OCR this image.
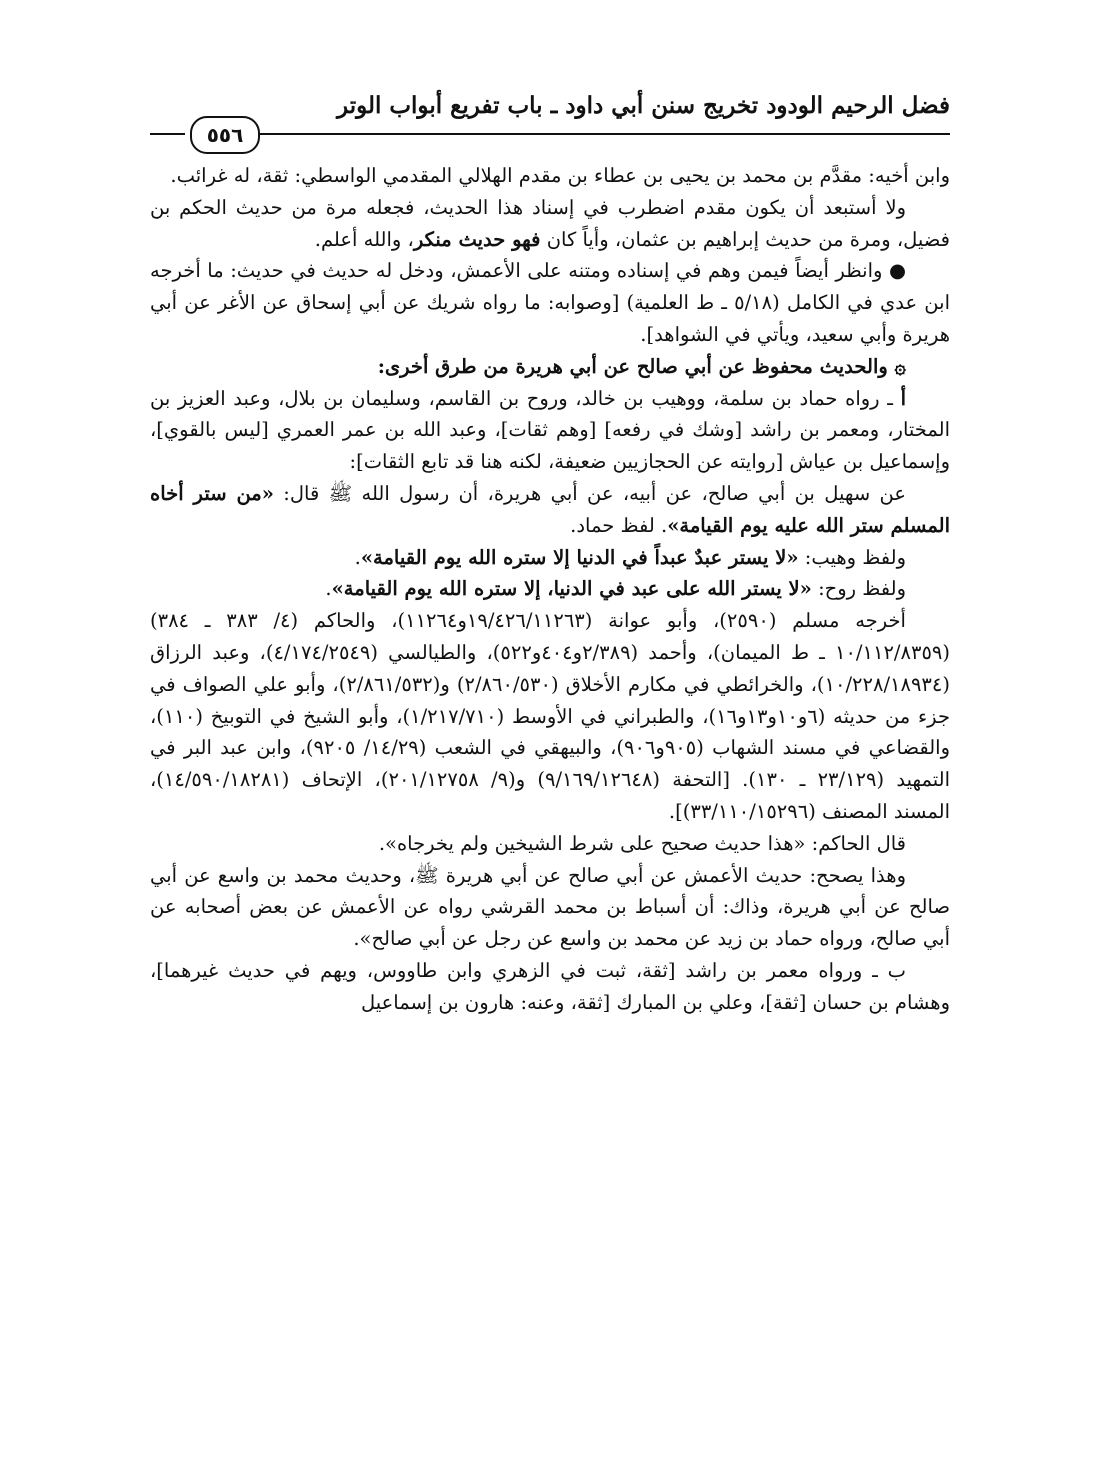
فضل الرحيم الودود تخريج سنن أبي داود ـ باب تفريع أبواب الوتر
٥٥٦

وابن أخيه: مقدَّم بن محمد بن يحيى بن عطاء بن مقدم الهلالي المقدمي الواسطي: ثقة، له غرائب.

ولا أستبعد أن يكون مقدم اضطرب في إسناد هذا الحديث، فجعله مرة من حديث الحكم بن فضيل، ومرة من حديث إبراهيم بن عثمان، وأياً كان فهو حديث منكر، والله أعلم.

● وانظر أيضاً فيمن وهم في إسناده ومتنه على الأعمش، ودخل له حديث في حديث: ما أخرجه ابن عدي في الكامل (٥/١٨ ـ ط العلمية) [وصوابه: ما رواه شريك عن أبي إسحاق عن الأغر عن أبي هريرة وأبي سعيد، ويأتي في الشواهد].

۞ والحديث محفوظ عن أبي صالح عن أبي هريرة من طرق أخرى:

أ ـ رواه حماد بن سلمة، ووهيب بن خالد، وروح بن القاسم، وسليمان بن بلال، وعبد العزيز بن المختار، ومعمر بن راشد [وشك في رفعه] [وهم ثقات]، وعبد الله بن عمر العمري [ليس بالقوي]، وإسماعيل بن عياش [روايته عن الحجازيين ضعيفة، لكنه هنا قد تابع الثقات]:

عن سهيل بن أبي صالح، عن أبيه، عن أبي هريرة، أن رسول الله ﷺ قال: «من ستر أخاه المسلم ستر الله عليه يوم القيامة». لفظ حماد.

ولفظ وهيب: «لا يستر عبدٌ عبداً في الدنيا إلا ستره الله يوم القيامة».

ولفظ روح: «لا يستر الله على عبد في الدنيا، إلا ستره الله يوم القيامة».

أخرجه مسلم (٢٥٩٠)، وأبو عوانة (١٩/٤٢٦/١١٢٦٣و١١٢٦٤)، والحاكم (٤/ ٣٨٣ ـ ٣٨٤) (١٠/١١٢/٨٣٥٩ ـ ط الميمان)، وأحمد (٢/٣٨٩و٤٠٤و٥٢٢)، والطيالسي (٤/١٧٤/٢٥٤٩)، وعبد الرزاق (١٠/٢٢٨/١٨٩٣٤)، والخرائطي في مكارم الأخلاق (٢/٨٦٠/٥٣٠) و(٢/٨٦١/٥٣٢)، وأبو علي الصواف في جزء من حديثه (٦و١٠و١٣و١٦)، والطبراني في الأوسط (١/٢١٧/٧١٠)، وأبو الشيخ في التوبيخ (١١٠)، والقضاعي في مسند الشهاب (٩٠٥و٩٠٦)، والبيهقي في الشعب (١٤/٢٩/ ٩٢٠٥)، وابن عبد البر في التمهيد (٢٣/١٢٩ ـ ١٣٠). [التحفة (٩/١٦٩/١٢٦٤٨) و(٩/ ٢٠١/١٢٧٥٨)، الإتحاف (١٤/٥٩٠/١٨٢٨١)، المسند المصنف (٣٣/١١٠/١٥٢٩٦)].

قال الحاكم: «هذا حديث صحيح على شرط الشيخين ولم يخرجاه».

وهذا يصحح: حديث الأعمش عن أبي صالح عن أبي هريرة ﷺ، وحديث محمد بن واسع عن أبي صالح عن أبي هريرة، وذاك: أن أسباط بن محمد القرشي رواه عن الأعمش عن بعض أصحابه عن أبي صالح، ورواه حماد بن زيد عن محمد بن واسع عن رجل عن أبي صالح».

ب ـ ورواه معمر بن راشد [ثقة، ثبت في الزهري وابن طاووس، ويهم في حديث غيرهما]، وهشام بن حسان [ثقة]، وعلي بن المبارك [ثقة، وعنه: هارون بن إسماعيل
